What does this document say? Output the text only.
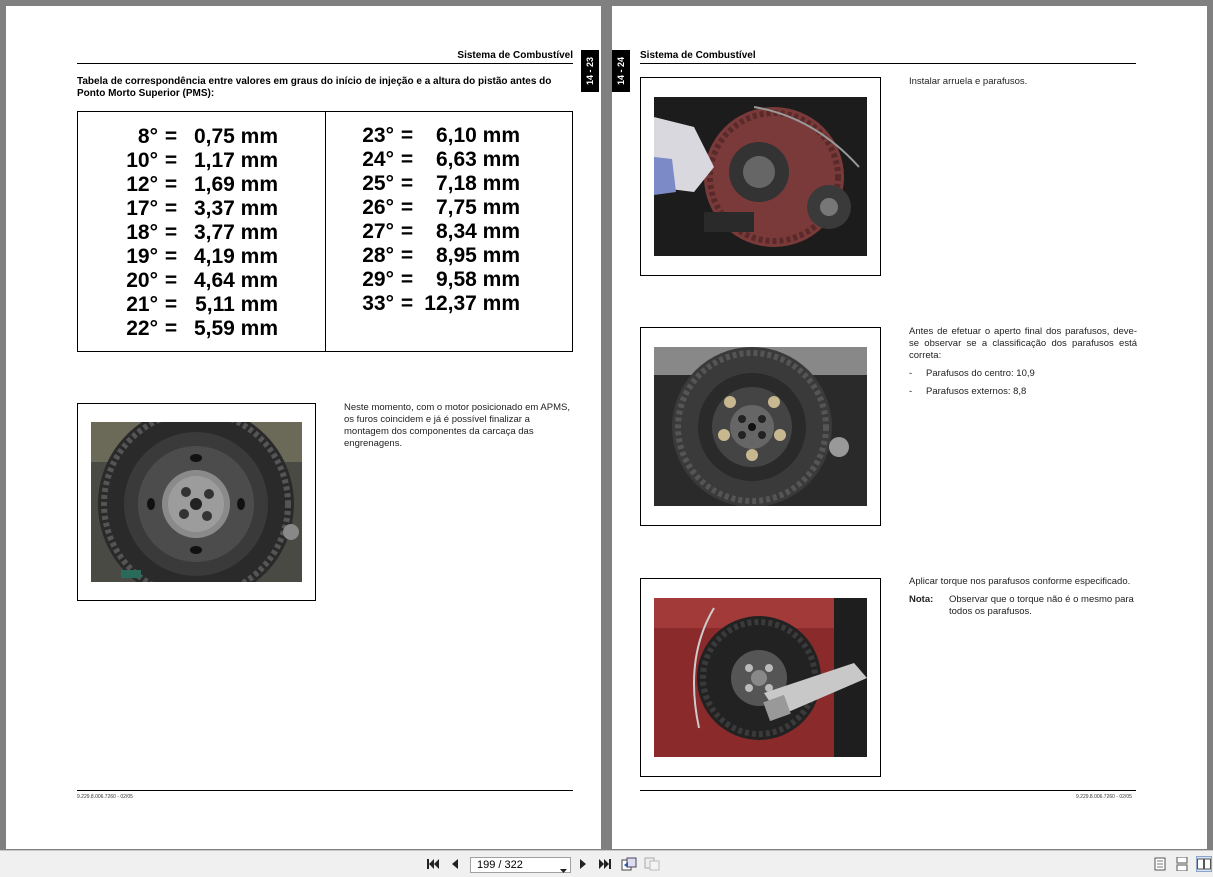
Sistema de Combustível
14 - 23
Tabela de correspondência entre valores em graus do início de injeção e a altura do pistão antes do Ponto Morto Superior (PMS):
8° = 0,75 mm
10° = 1,17 mm
12° = 1,69 mm
17° = 3,37 mm
18° = 3,77 mm
19° = 4,19 mm
20° = 4,64 mm
21° = 5,11 mm
22° = 5,59 mm
23° =	6,10 mm
24° =	6,63 mm
25° =	7,18 mm
26° =	7,75 mm
27° =	8,34 mm
28° =	8,95 mm
29° =	9,58 mm
33° = 12,37 mm
Neste momento, com o motor posicionado em APMS, os furos coincidem e já é possível finalizar a montagem dos componentes da carcaça das engrenagens.
9.229.8.006.7260 - 02/05
14 - 24
Sistema de Combustível
Instalar arruela e parafusos.
Antes de efetuar o aperto final dos parafusos, deve-se observar se a classificação dos parafusos está correta:
-	Parafusos do centro: 10,9
-	Parafusos externos: 8,8
Aplicar torque nos parafusos conforme especificado.
Nota:	Observar que o torque não é o mesmo para todos os parafusos.
9.229.8.006.7260 - 02/05
199 / 322
